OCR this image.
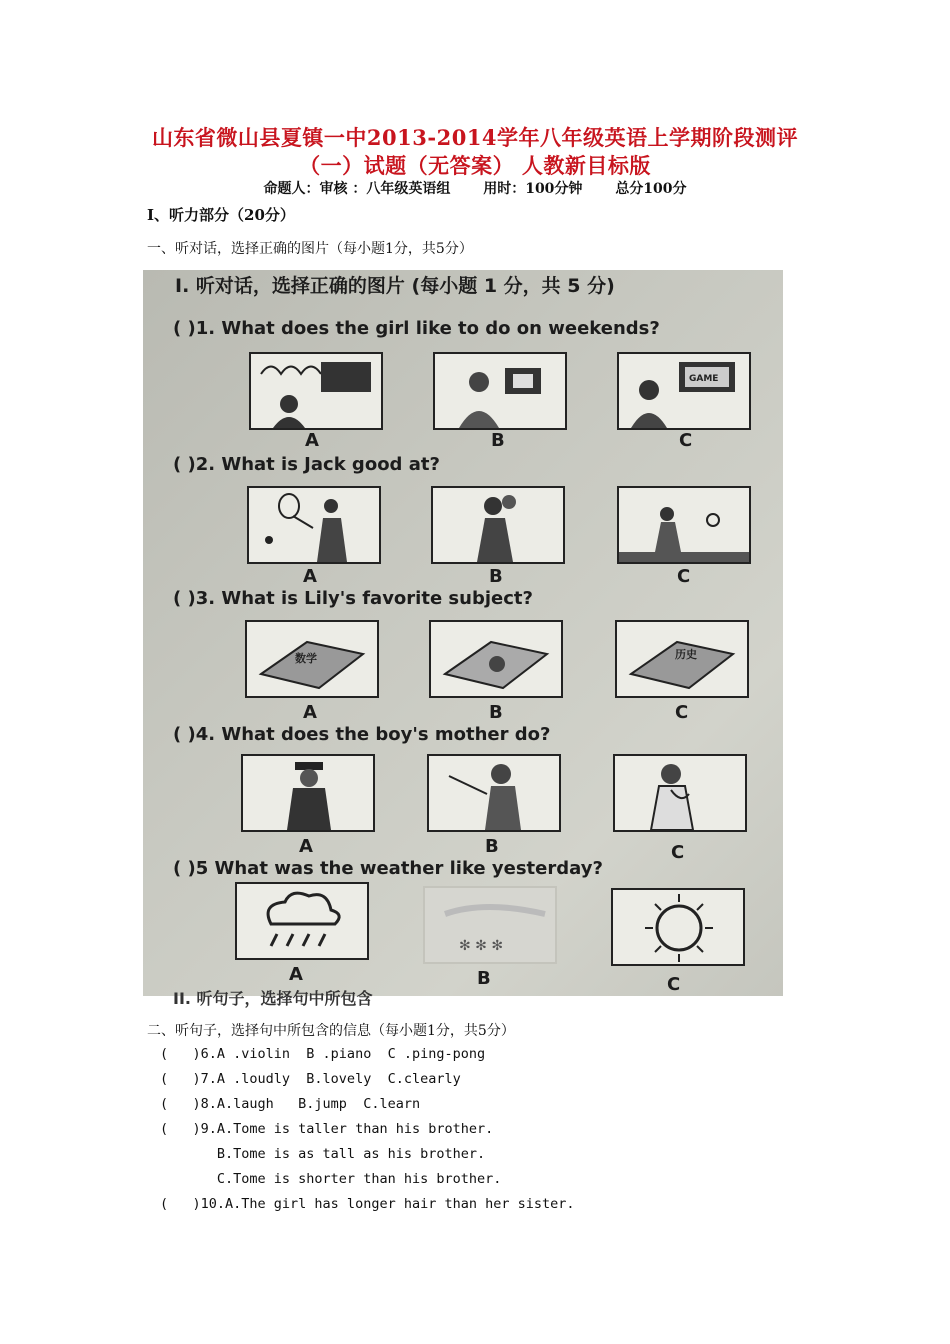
山东省微山县夏镇一中2013-2014学年八年级英语上学期阶段测评
（一）试题（无答案） 人教新目标版
命题人：审核 ：八年级英语组 用时：100分钟 总分100分
Ⅰ、听力部分（20分）
一、听对话，选择正确的图片（每小题1分，共5分）
I. 听对话，选择正确的图片 (每小题 1 分，共 5 分)
( )1. What does the girl like to do on weekends?
GAME
A	B	C
( )2. What is Jack good at?
A	B	C
( )3. What is Lily's favorite subject?
数学	历史
A	B	C
( )4. What does the boy's mother do?
A	B	C
( )5 What was the weather like yesterday?
✻ ✻ ✻
A	B	C
II. 听句子，选择句中所包含
二、听句子，选择句中所包含的信息（每小题1分，共5分）
(   )6.A .violin  B .piano  C .ping-pong
(   )7.A .loudly  B.lovely  C.clearly
(   )8.A.laugh   B.jump  C.learn
(   )9.A.Tome is taller than his brother.
B.Tome is as tall as his brother.
C.Tome is shorter than his brother.
(   )10.A.The girl has longer hair than her sister.
